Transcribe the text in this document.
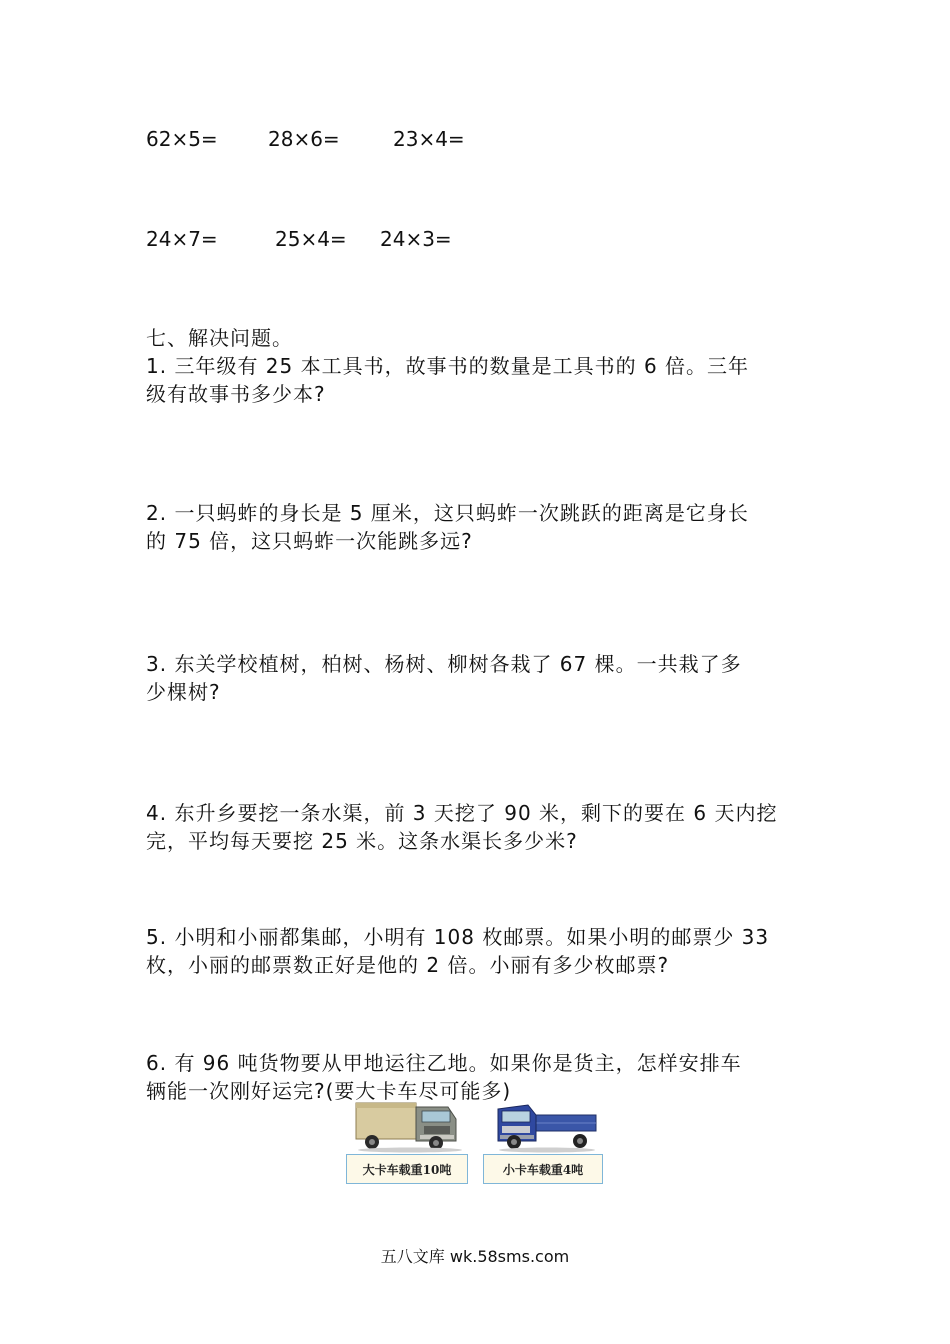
62×5=	28×6=	23×4=
24×7=	25×4= 24×3=
七、解决问题。
1. 三年级有 25 本工具书，故事书的数量是工具书的 6 倍。三年
级有故事书多少本?
2. 一只蚂蚱的身长是 5 厘米，这只蚂蚱一次跳跃的距离是它身长
的 75 倍，这只蚂蚱一次能跳多远?
3. 东关学校植树，柏树、杨树、柳树各栽了 67 棵。一共栽了多
少棵树?
4. 东升乡要挖一条水渠，前 3 天挖了 90 米，剩下的要在 6 天内挖
完，平均每天要挖 25 米。这条水渠长多少米?
5. 小明和小丽都集邮，小明有 108 枚邮票。如果小明的邮票少 33
枚，小丽的邮票数正好是他的 2 倍。小丽有多少枚邮票?
6. 有 96 吨货物要从甲地运往乙地。如果你是货主，怎样安排车
辆能一次刚好运完?(要大卡车尽可能多)
大卡车载重10吨	小卡车载重4吨
五八文库 wk.58sms.com
